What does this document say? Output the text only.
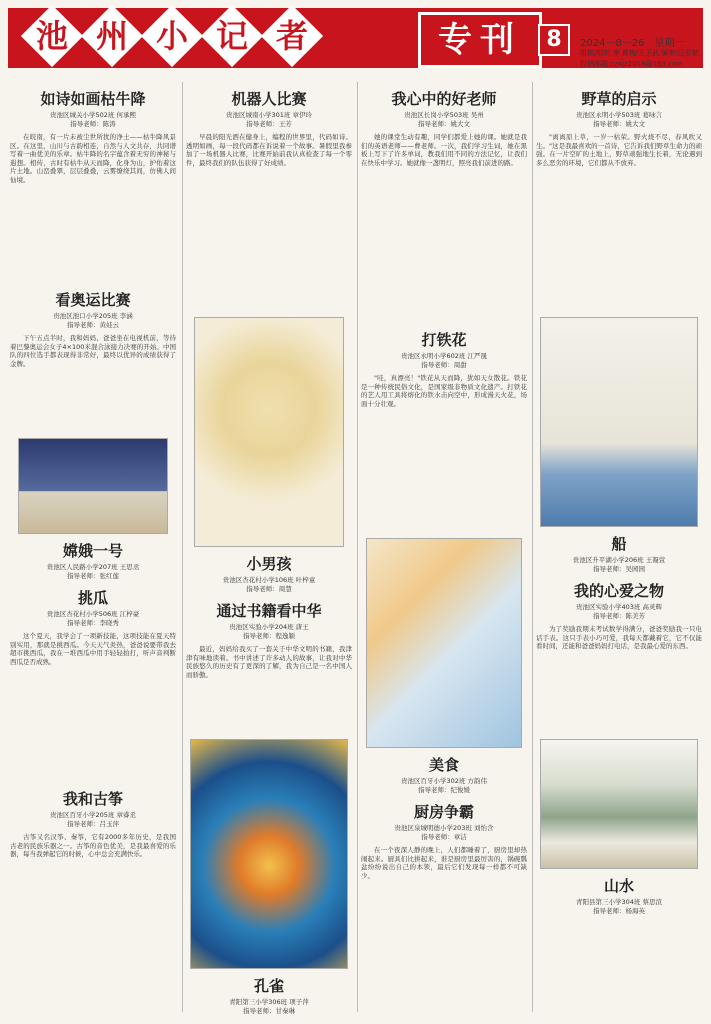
池 州 小 记 者	专刊	8
池州日报
2024－8－26　星期一
组稿/组织 李 黄梅/王卫武 编审/汪宏斌
投稿邮箱:czxjz2018@163.com
如诗如画枯牛降
贵池区城关小学502班 何承熙
指导老师：陈涛
在皖南，有一片未被尘世所扰的净土——枯牛降风景区。在这里，山川与古韵相连，自然与人文共存，共同谱写着一曲优美的乐章。枯牛降的名字蕴含着无穷的神秘与遐想。相传，古时有枯牛从天而降，化身为山，护佑着这片土地。山峦叠翠，层层叠叠，云雾缭绕其间，仿佛人间仙境。
看奥运比赛
贵池区池口小学205班 李涵
指导老师：黄娃云
下午五点半时，我和妈妈、爸爸坐在电视机前，等待着巴黎奥运会女子4×100米混合泳接力决赛的开始。中国队的四位选手都表现得非常好，最终以优异的成绩获得了金牌。
嫦娥一号
贵池区人民路小学207班 王思丞
指导老师：张红莲
挑瓜
贵池区杏花村小学506班 江梓豪
指导老师：李晓秀
这个夏天，我学会了一项新技能，这项技能在夏天特别实用，那就是挑西瓜。今天天气炎热，爸爸说要带我去超市挑西瓜，我在一堆西瓜中用手轻轻拍打，听声音判断西瓜是否成熟。
我和古筝
贵池区百牙小学205班 章睿丞
指导老师：吕玉萍
古筝又名汉筝、秦筝，它有2000多年历史，是我国古老的民族乐器之一。古筝的音色优美，是我最喜爱的乐器，每当我弹起它的时候，心中总会充满快乐。
机器人比赛
贵池区城南小学301班 章伊玲
指导老师：王芳
早晨的阳光洒在健身上，编程的世界里，代码如诗。透明如画，每一段代码都在诉说着一个故事。暑假里我参加了一场机器人比赛，比赛开始前我认真检查了每一个零件，最终我们的队伍获得了好成绩。
小男孩
贵池区杏花村小学106班 叶梓童
指导老师：周慧
通过书籍看中华
贵池区实验小学204班 唐王
指导老师：程逸颖
最近，妈妈给我买了一套关于中华文明的书籍，我津津有味地读着。书中讲述了许多动人的故事，让我对中华民族悠久的历史有了更深的了解，我为自己是一名中国人而骄傲。
孔雀
青阳第三小学306班 项子萍
指导老师：甘秦琳
我心中的好老师
贵池区长岗小学503班 吴州
指导老师：姚大文
她的课堂生动有趣，同学们都爱上她的课。她就是我们的英语老师——曹老师。一次，我们学习生词，她在黑板上写下了许多单词，教我们用不同的方法记忆，让我们在快乐中学习。她就像一盏明灯，照亮我们前进的路。
打铁花
贵池区永明小学602班 江严晟
指导老师：周甜
"哇，真漂亮！"铁花从天而降，犹如天女散花。铁花是一种传统民俗文化，是国家级非物质文化遗产。打铁花的艺人用工具将熔化的铁水击向空中，形成漫天火花，场面十分壮观。
美食
贵池区百牙小学302班 方韵伟
指导老师：纪俊媛
厨房争霸
贵池区泉城明德小学203班 刘怡含
指导老师：章洁
在一个夜深人静的晚上，人们都睡着了，厨房里却热闹起来。厨具们比拼起来，谁是厨房里最厉害的，锅碗瓢盆纷纷说出自己的本领，最后它们发现每一样都不可缺少。
野草的启示
贵池区永明小学503班 葛咏言
指导老师：姚大文
"离离原上草，一岁一枯荣。野火烧不尽，春风吹又生。"这是我最喜欢的一首诗，它告诉我们野草生命力的顽强。在一片空旷的土地上，野草顽强地生长着，无论遇到多么恶劣的环境，它们都从不放弃。
船
贵池区升平湖小学206班 王凝萱
指导老师：吴园园
我的心爱之物
贵池区实验小学403班 高灵辉
指导老师：陈美芳
为了奖励我期末考试数学得满分，爸爸奖励我一只电话手表。这只手表小巧可爱，我每天都戴着它，它不仅能看时间，还能和爸爸妈妈打电话，是我最心爱的东西。
山水
青阳县第三小学304班 蔡思渲
指导老师：杨海英
